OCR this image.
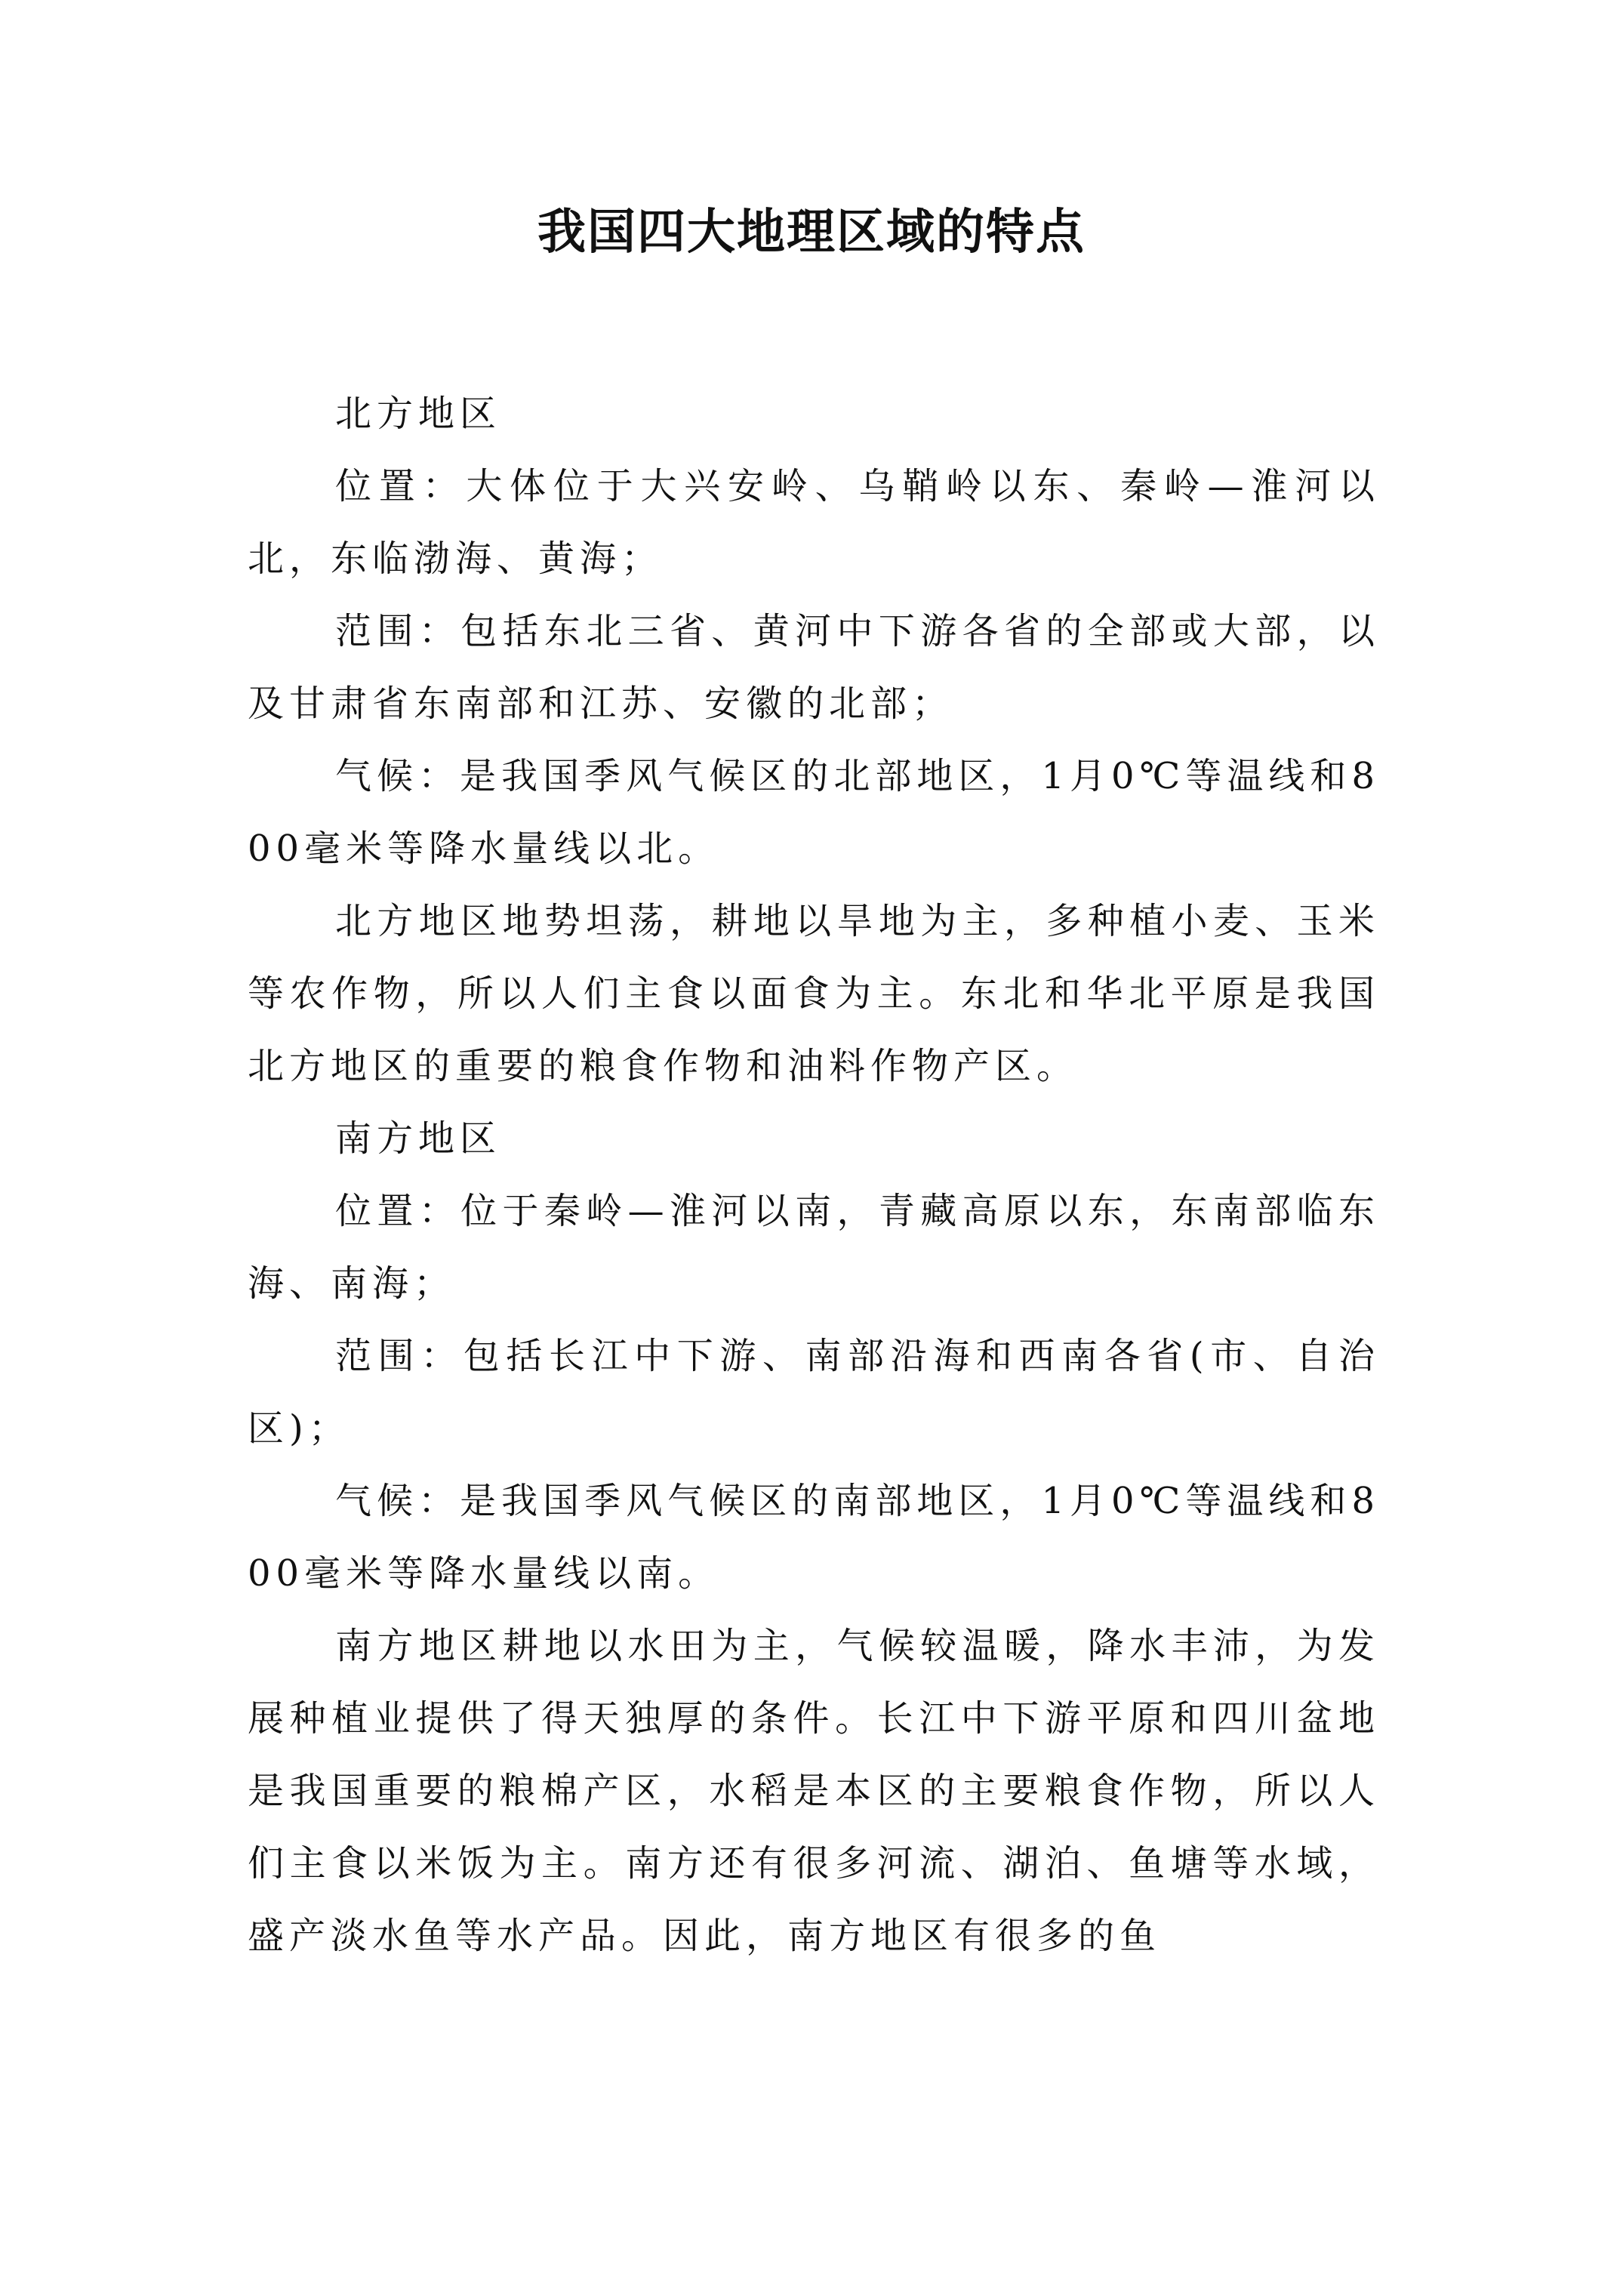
我国四大地理区域的特点

北方地区

位置：大体位于大兴安岭、乌鞘岭以东、秦岭—淮河以北，东临渤海、黄海；

范围：包括东北三省、黄河中下游各省的全部或大部，以及甘肃省东南部和江苏、安徽的北部；

气候：是我国季风气候区的北部地区，1月0℃等温线和800毫米等降水量线以北。

北方地区地势坦荡，耕地以旱地为主，多种植小麦、玉米等农作物，所以人们主食以面食为主。东北和华北平原是我国北方地区的重要的粮食作物和油料作物产区。

南方地区

位置：位于秦岭—淮河以南，青藏高原以东，东南部临东海、南海；

范围：包括长江中下游、南部沿海和西南各省(市、自治区)；

气候：是我国季风气候区的南部地区，1月0℃等温线和800毫米等降水量线以南。

南方地区耕地以水田为主，气候较温暖，降水丰沛，为发展种植业提供了得天独厚的条件。长江中下游平原和四川盆地是我国重要的粮棉产区，水稻是本区的主要粮食作物，所以人们主食以米饭为主。南方还有很多河流、湖泊、鱼塘等水域，盛产淡水鱼等水产品。因此，南方地区有很多的鱼
